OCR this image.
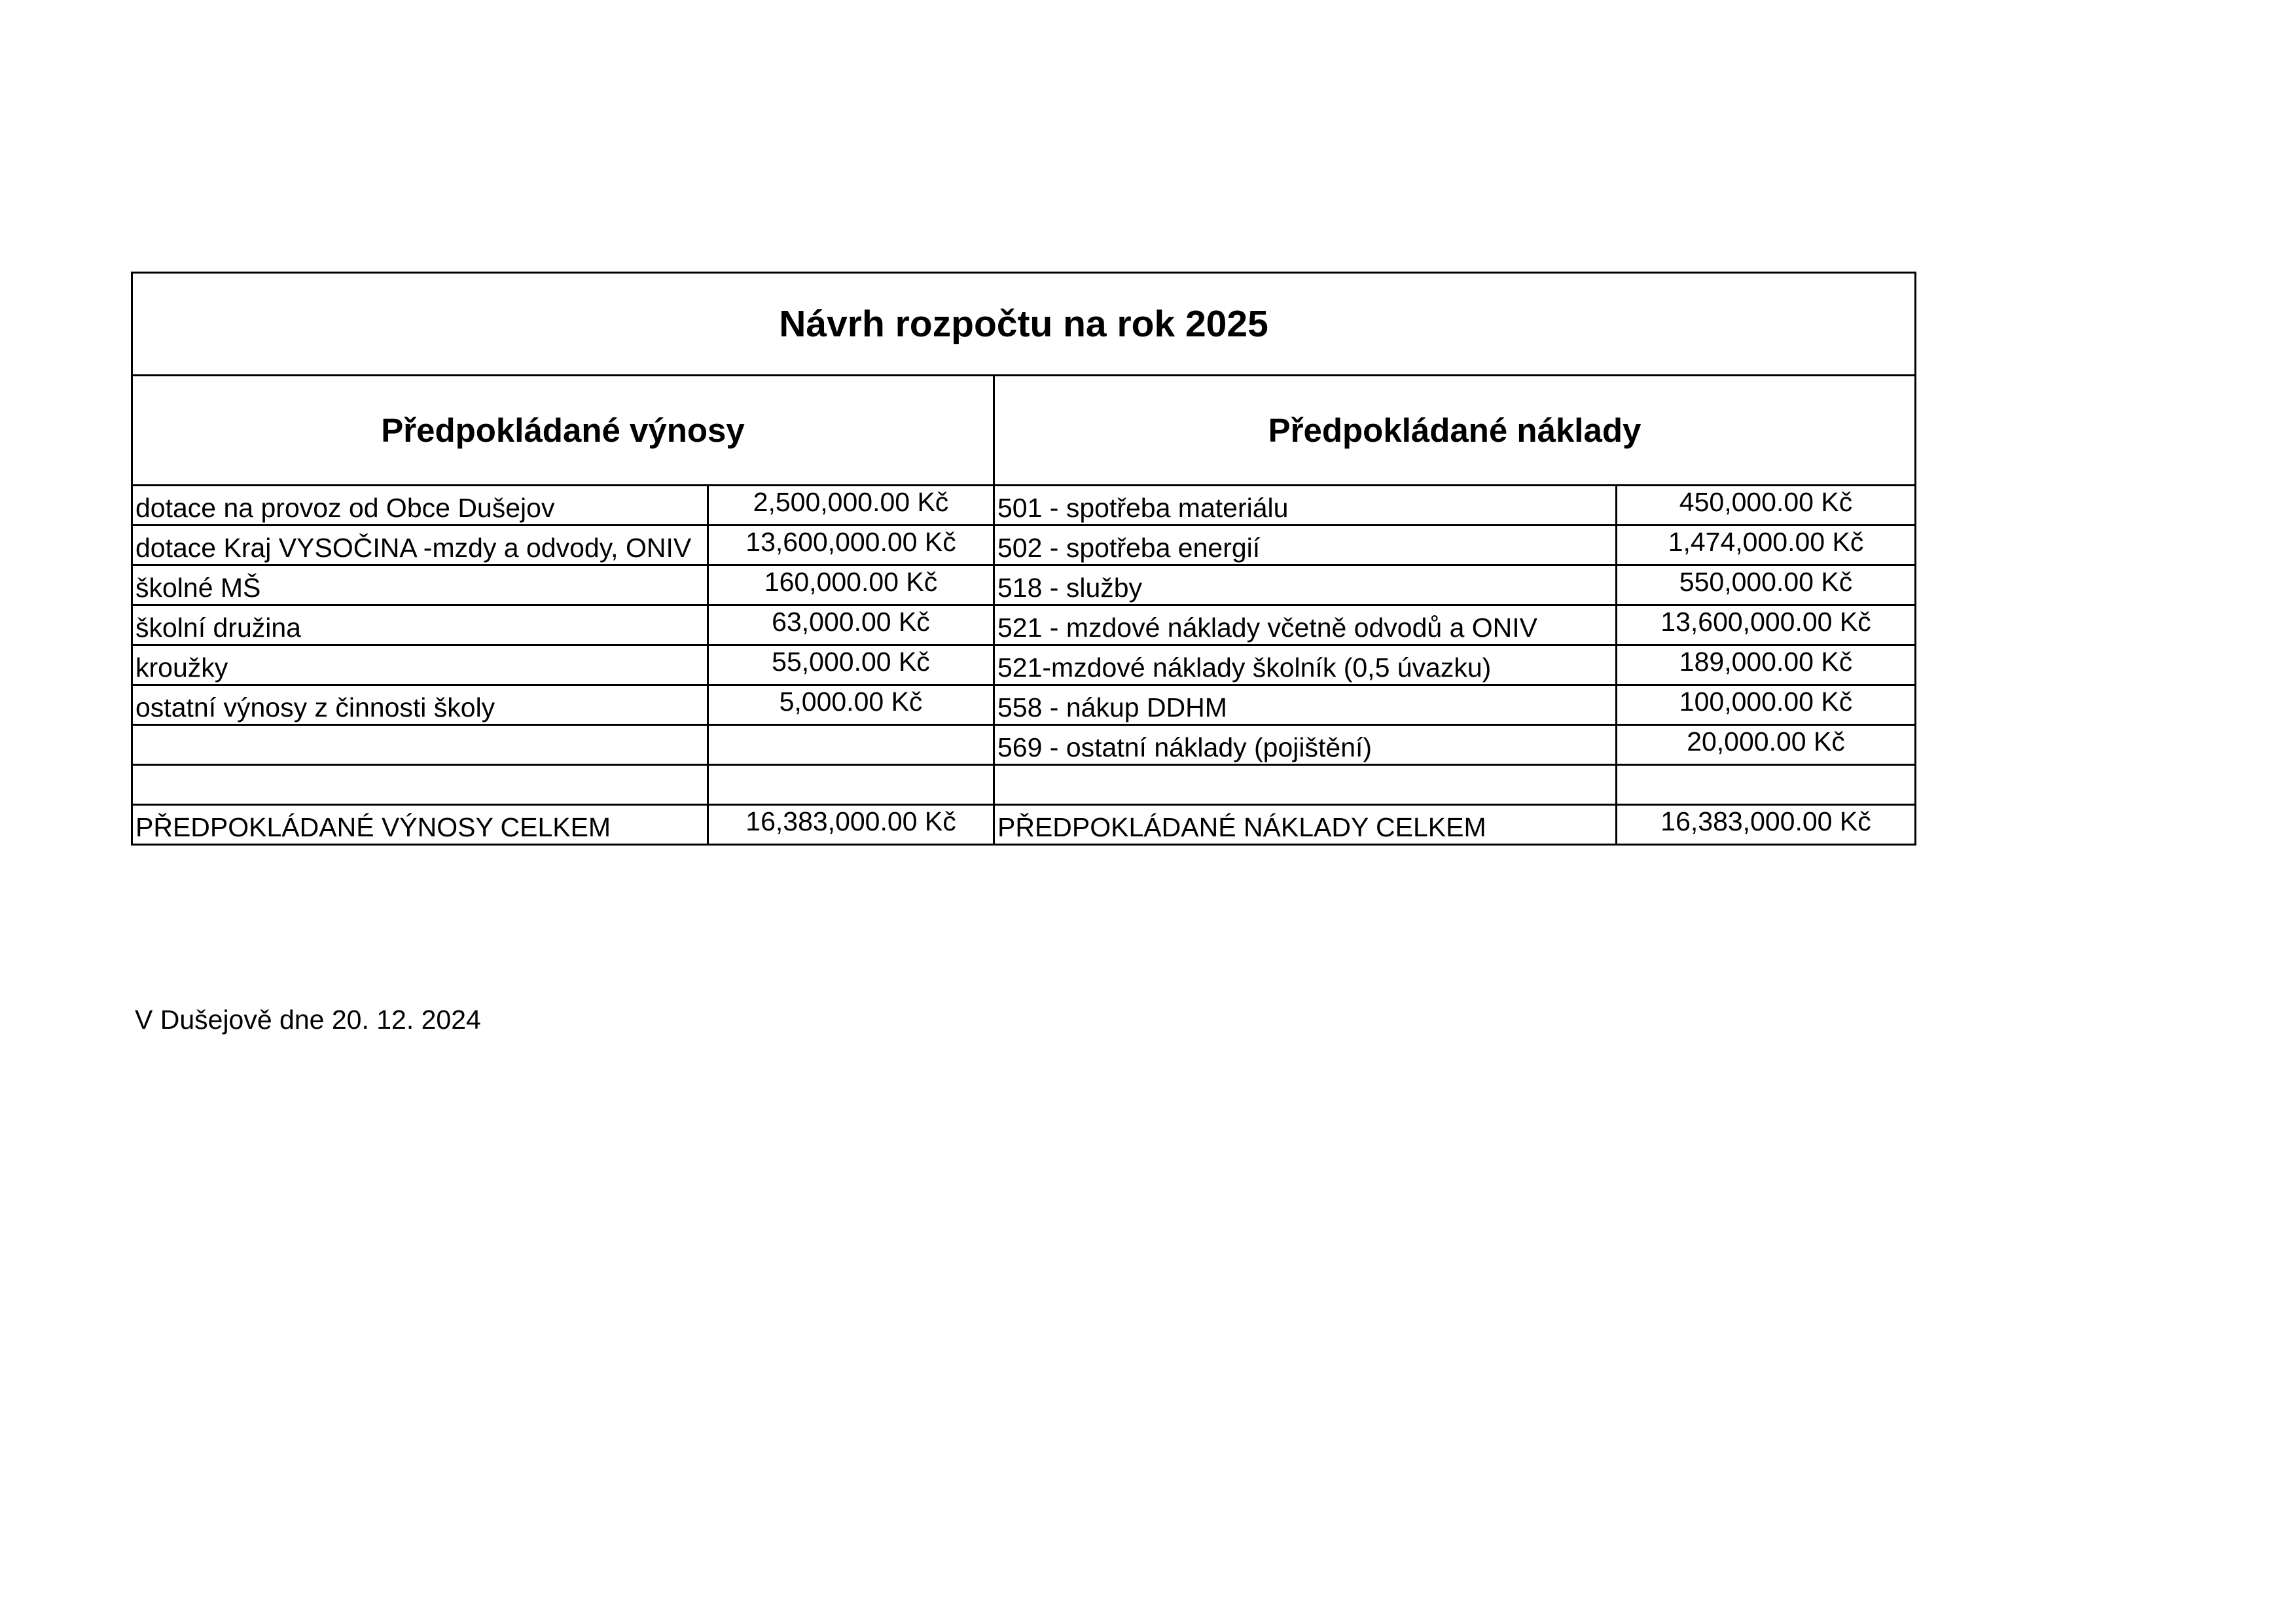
Návrh rozpočtu na rok 2025			
Předpokládané výnosy		Předpokládané náklady	
dotace na provoz od Obce Dušejov	2,500,000.00 Kč	501 - spotřeba materiálu	450,000.00 Kč
dotace Kraj VYSOČINA -mzdy a odvody, ONIV	13,600,000.00 Kč	502 - spotřeba energií	1,474,000.00 Kč
školné MŠ	160,000.00 Kč	518 - služby	550,000.00 Kč
školní družina	63,000.00 Kč	521 - mzdové náklady včetně odvodů a ONIV	13,600,000.00 Kč
kroužky	55,000.00 Kč	521-mzdové náklady školník (0,5 úvazku)	189,000.00 Kč
ostatní výnosy z činnosti školy	5,000.00 Kč	558 - nákup DDHM	100,000.00 Kč
		569 - ostatní náklady (pojištění)	20,000.00 Kč

PŘEDPOKLÁDANÉ VÝNOSY CELKEM	16,383,000.00 Kč	PŘEDPOKLÁDANÉ NÁKLADY CELKEM	16,383,000.00 Kč
V Dušejově dne 20. 12. 2024
